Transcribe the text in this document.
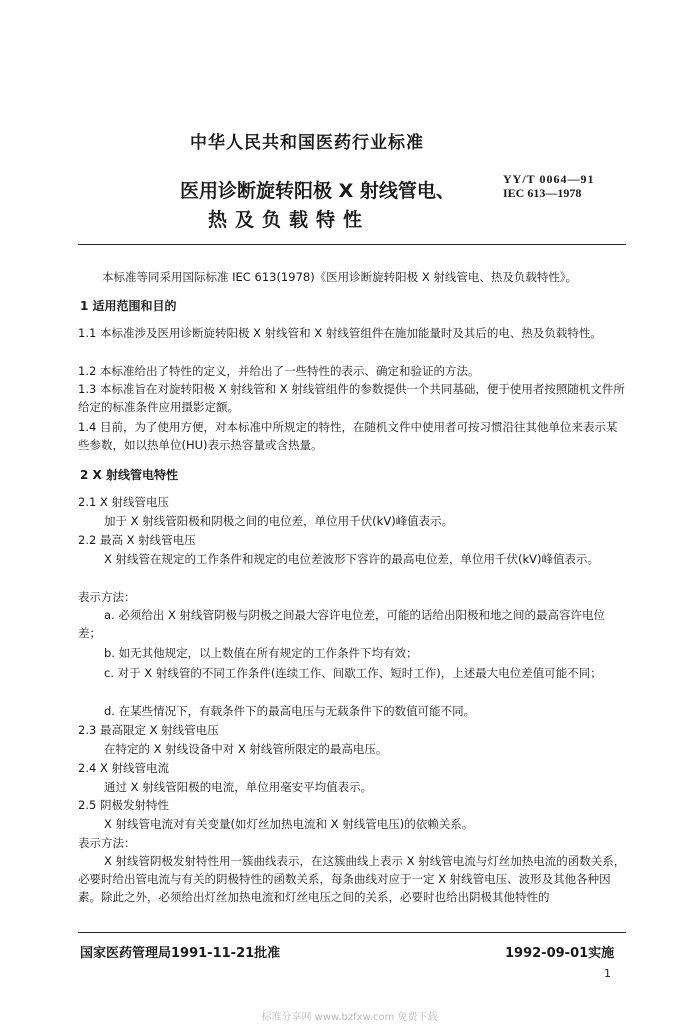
中华人民共和国医药行业标准
医用诊断旋转阳极 X 射线管电、
热及负载特性
YY/T 0064—91
IEC 613—1978
本标准等同采用国际标准 IEC 613(1978)《医用诊断旋转阳极 X 射线管电、热及负载特性》。
1 适用范围和目的
1.1 本标准涉及医用诊断旋转阳极 X 射线管和 X 射线管组件在施加能量时及其后的电、热及负载特性。
1.2 本标准给出了特性的定义，并给出了一些特性的表示、确定和验证的方法。
1.3 本标准旨在对旋转阳极 X 射线管和 X 射线管组件的参数提供一个共同基础，便于使用者按照随机文件所给定的标准条件应用摄影定额。
1.4 目前，为了使用方便，对本标准中所规定的特性，在随机文件中使用者可按习惯沿往其他单位来表示某些参数，如以热单位(HU)表示热容量或含热量。
2 X 射线管电特性
2.1 X 射线管电压
加于 X 射线管阳极和阴极之间的电位差，单位用千伏(kV)峰值表示。
2.2 最高 X 射线管电压
X 射线管在规定的工作条件和规定的电位差波形下容许的最高电位差，单位用千伏(kV)峰值表示。
表示方法：
a. 必须给出 X 射线管阴极与阴极之间最大容许电位差，可能的话给出阳极和地之间的最高容许电位差；
b. 如无其他规定，以上数值在所有规定的工作条件下均有效；
c. 对于 X 射线管的不同工作条件(连续工作、间歇工作、短时工作)，上述最大电位差值可能不同；
d. 在某些情况下，有载条件下的最高电压与无载条件下的数值可能不同。
2.3 最高限定 X 射线管电压
在特定的 X 射线设备中对 X 射线管所限定的最高电压。
2.4 X 射线管电流
通过 X 射线管阳极的电流，单位用毫安平均值表示。
2.5 阴极发射特性
X 射线管电流对有关变量(如灯丝加热电流和 X 射线管电压)的依赖关系。
表示方法：
X 射线管阴极发射特性用一簇曲线表示，在这簇曲线上表示 X 射线管电流与灯丝加热电流的函数关系，必要时给出管电流与有关的阴极特性的函数关系，每条曲线对应于一定 X 射线管电压、波形及其他各种因素。除此之外，必须给出灯丝加热电流和灯丝电压之间的关系，必要时也给出阴极其他特性的
国家医药管理局1991-11-21批准	1992-09-01实施
1
标准分享网 www.bzfxw.com 免费下载
